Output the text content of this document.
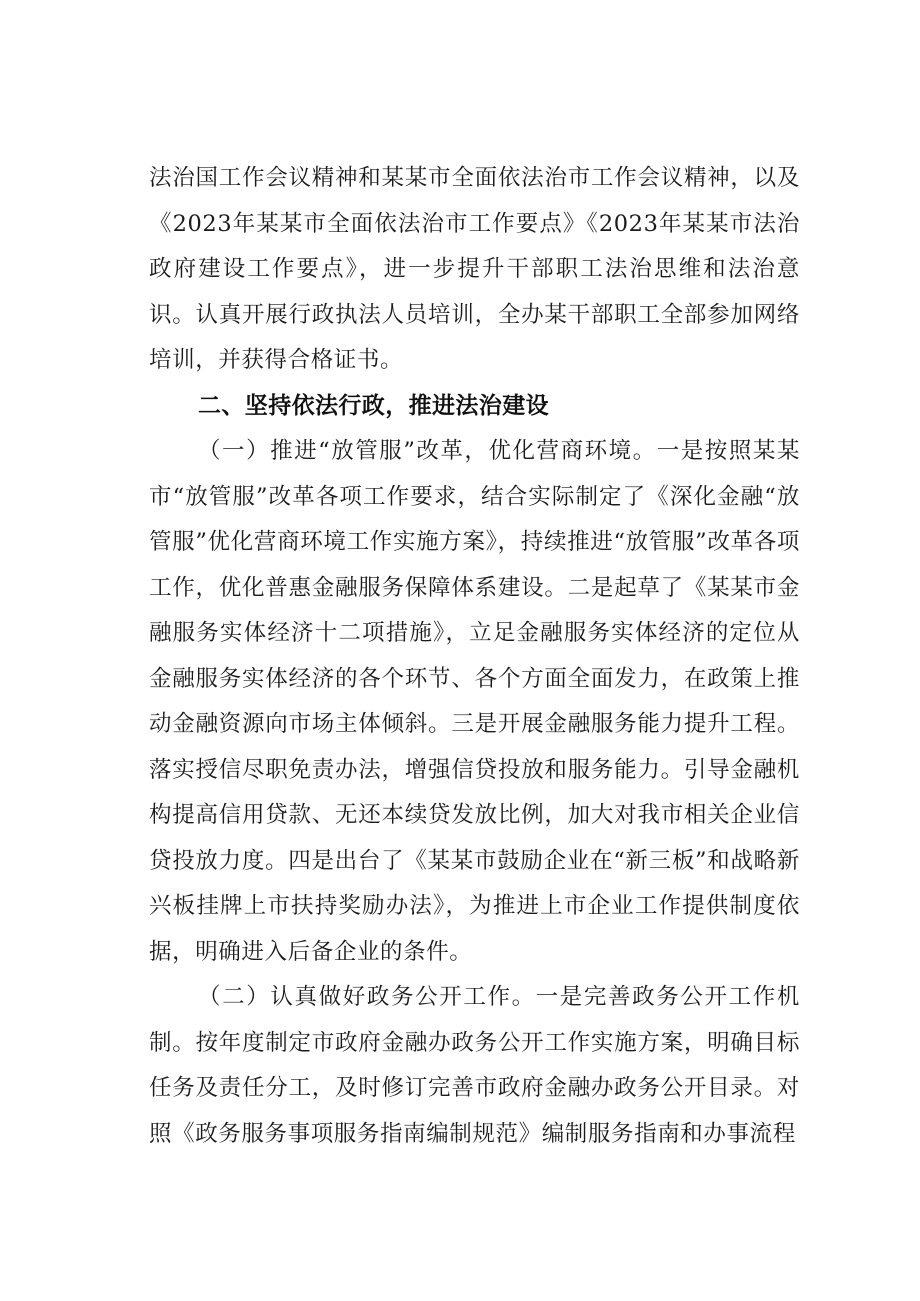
法治国工作会议精神和某某市全面依法治市工作会议精神，以及《2023年某某市全面依法治市工作要点》《2023年某某市法治政府建设工作要点》，进一步提升干部职工法治思维和法治意识。认真开展行政执法人员培训，全办某干部职工全部参加网络培训，并获得合格证书。

二、坚持依法行政，推进法治建设

（一）推进“放管服”改革，优化营商环境。一是按照某某市“放管服”改革各项工作要求，结合实际制定了《深化金融“放管服”优化营商环境工作实施方案》，持续推进“放管服”改革各项工作，优化普惠金融服务保障体系建设。二是起草了《某某市金融服务实体经济十二项措施》，立足金融服务实体经济的定位从金融服务实体经济的各个环节、各个方面全面发力，在政策上推动金融资源向市场主体倾斜。三是开展金融服务能力提升工程。落实授信尽职免责办法，增强信贷投放和服务能力。引导金融机构提高信用贷款、无还本续贷发放比例，加大对我市相关企业信贷投放力度。四是出台了《某某市鼓励企业在“新三板”和战略新兴板挂牌上市扶持奖励办法》，为推进上市企业工作提供制度依据，明确进入后备企业的条件。

（二）认真做好政务公开工作。一是完善政务公开工作机制。按年度制定市政府金融办政务公开工作实施方案，明确目标任务及责任分工，及时修订完善市政府金融办政务公开目录。对照《政务服务事项服务指南编制规范》编制服务指南和办事流程
